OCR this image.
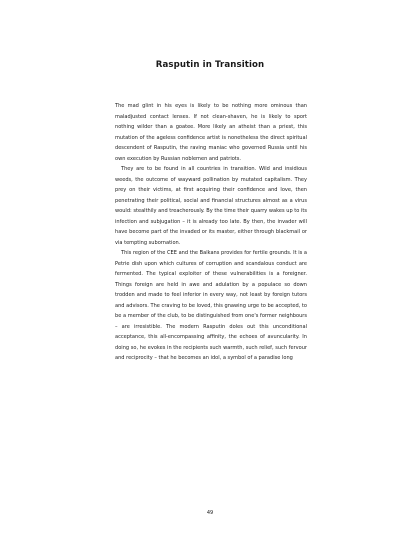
Rasputin in Transition

The mad glint in his eyes is likely to be nothing more ominous than maladjusted contact lenses. If not clean-shaven, he is likely to sport nothing wilder than a goatee. More likely an atheist than a priest, this mutation of the ageless confidence artist is nonetheless the direct spiritual descendent of Rasputin, the raving maniac who governed Russia until his own execution by Russian noblemen and patriots.

They are to be found in all countries in transition. Wild and insidious weeds, the outcome of wayward pollination by mutated capitalism. They prey on their victims, at first acquiring their confidence and love, then penetrating their political, social and financial structures almost as a virus would: stealthily and treacherously. By the time their quarry wakes up to its infection and subjugation – it is already too late. By then, the invader will have become part of the invaded or its master, either through blackmail or via tempting subornation.

This region of the CEE and the Balkans provides for fertile grounds. It is a Petrie dish upon which cultures of corruption and scandalous conduct are fermented. The typical exploiter of these vulnerabilities is a foreigner. Things foreign are held in awe and adulation by a populace so down trodden and made to feel inferior in every way, not least by foreign tutors and advisors. The craving to be loved, this gnawing urge to be accepted, to be a member of the club, to be distinguished from one's former neighbours – are irresistible. The modern Rasputin doles out this unconditional acceptance, this all-encompassing affinity, the echoes of avuncularity. In doing so, he evokes in the recipients such warmth, such relief, such fervour and reciprocity – that he becomes an idol, a symbol of a paradise long

49
